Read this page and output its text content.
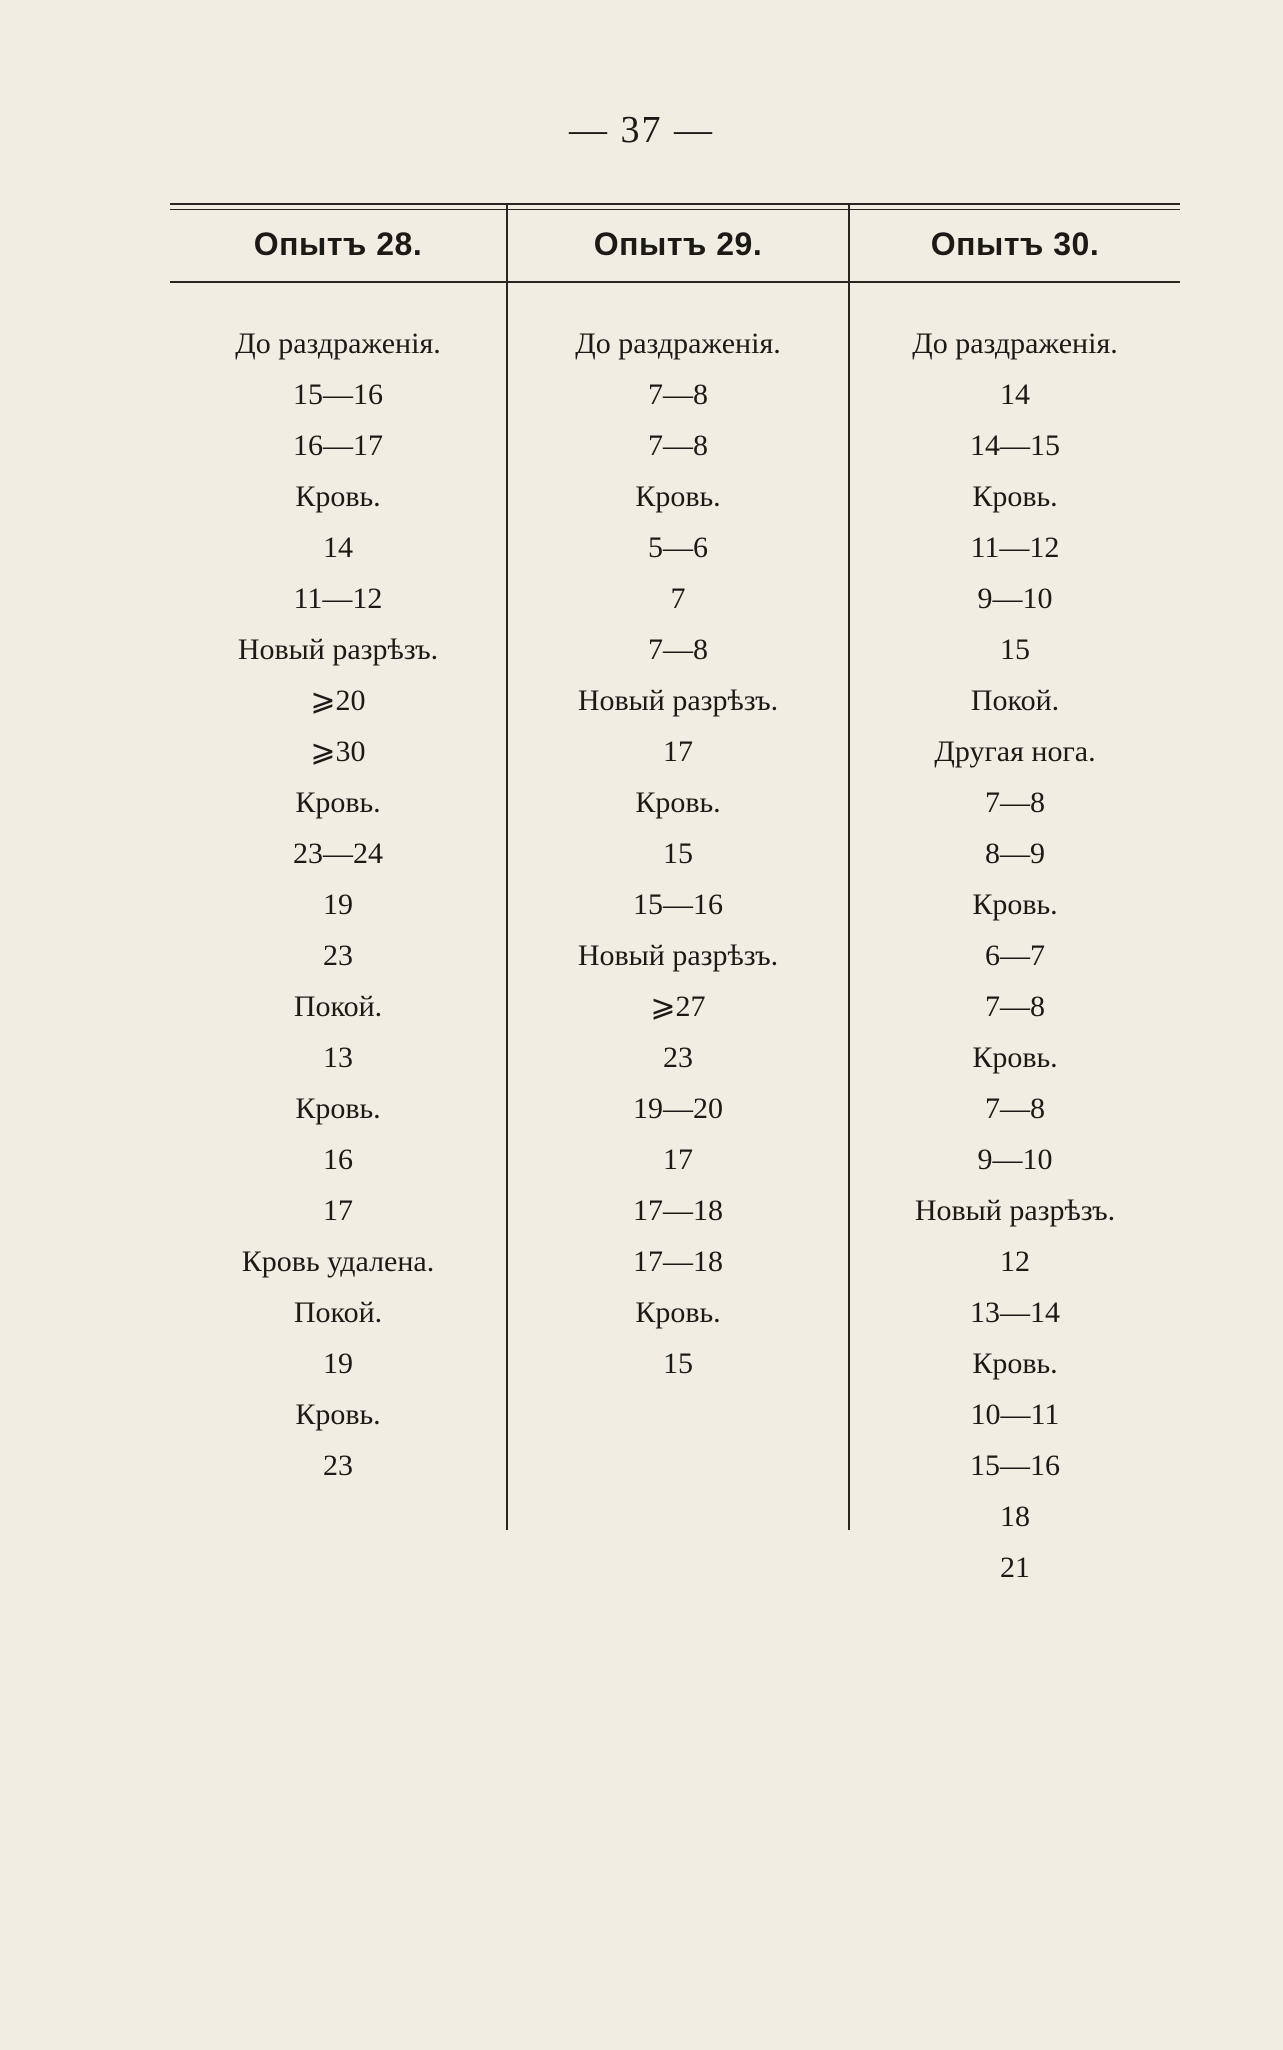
— 37 —
Опытъ 28.	Опытъ 29.	Опытъ 30.
До раздраженія.
15—16
16—17
Кровь.
14
11—12
Новый разрѣзъ.
⩾20
⩾30
Кровь.
23—24
19
23
Покой.
13
Кровь.
16
17
Кровь удалена.
Покой.
19
Кровь.
23
До раздраженія.
7—8
7—8
Кровь.
5—6
7
7—8
Новый разрѣзъ.
17
Кровь.
15
15—16
Новый разрѣзъ.
⩾27
23
19—20
17
17—18
17—18
Кровь.
15
До раздраженія.
14
14—15
Кровь.
11—12
9—10
15
Покой.
Другая нога.
7—8
8—9
Кровь.
6—7
7—8
Кровь.
7—8
9—10
Новый разрѣзъ.
12
13—14
Кровь.
10—11
15—16
18
21
